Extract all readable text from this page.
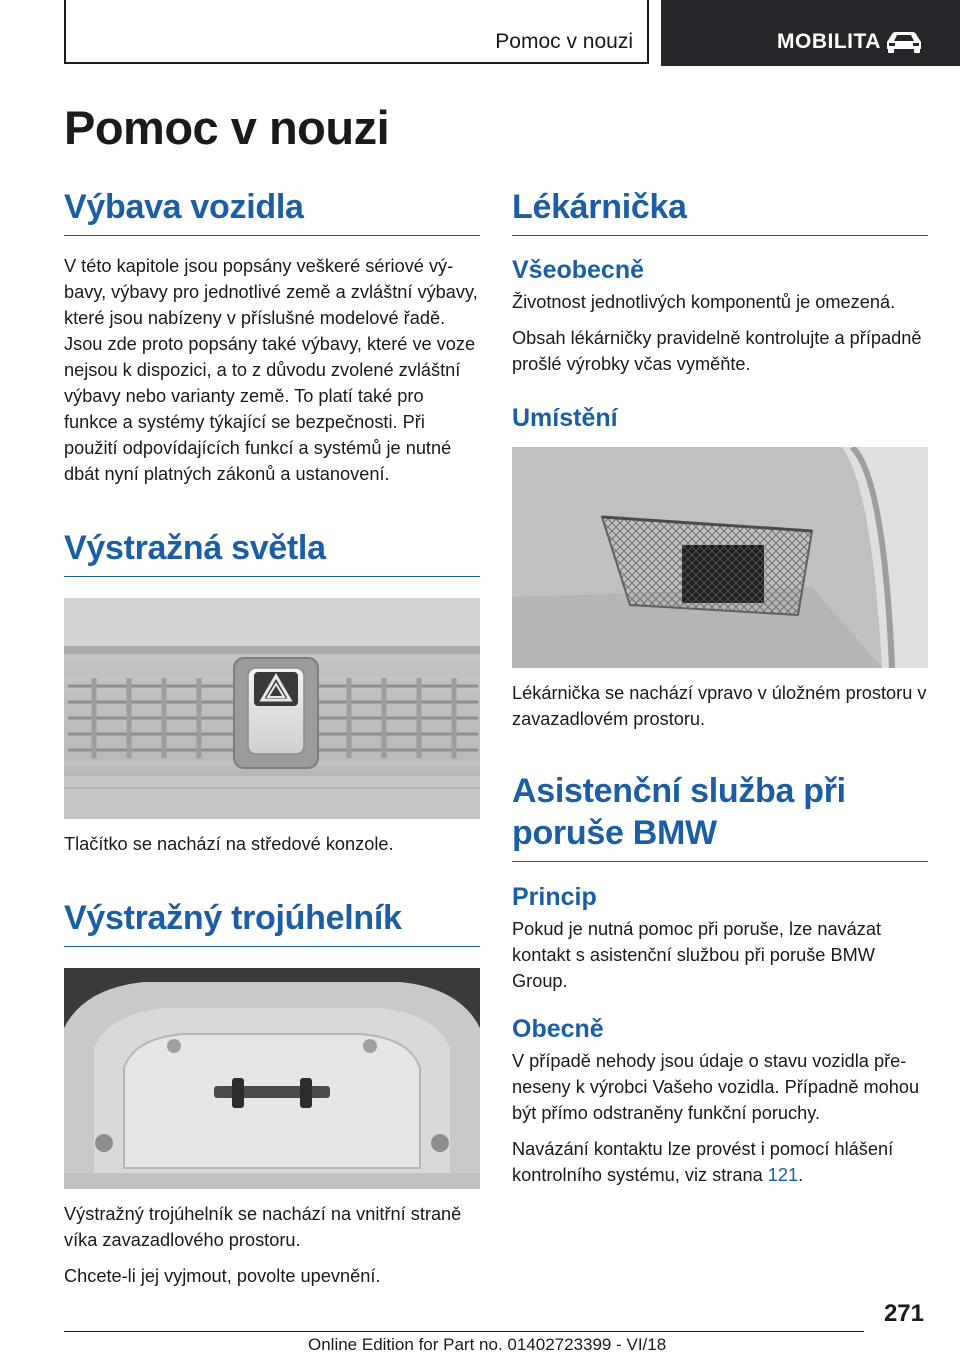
Pomoc v nouzi	MOBILITA
Pomoc v nouzi
Výbava vozidla

V této kapitole jsou popsány veškeré sériové výbavy, výbavy pro jednotlivé země a zvláštní výbavy, které jsou nabízeny v příslušné modelové řadě. Jsou zde proto popsány také výbavy, které ve voze nejsou k dispozici, a to z důvodu zvolené zvláštní výbavy nebo varianty země. To platí také pro funkce a systémy týkající se bezpečnosti. Při použití odpovídajících funkcí a systémů je nutné dbát nyní platných zákonů a ustanovení.

Výstražná světla

Tlačítko se nachází na středové konzole.

Výstražný trojúhelník

Výstražný trojúhelník se nachází na vnitřní straně víka zavazadlového prostoru.

Chcete-li jej vyjmout, povolte upevnění.

Lékárnička
Všeobecně

Životnost jednotlivých komponentů je omezená.

Obsah lékárničky pravidelně kontrolujte a případně prošlé výrobky včas vyměňte.

Umístění

Lékárnička se nachází vpravo v úložném prostoru v zavazadlovém prostoru.

Asistenční služba při poruše BMW
Princip

Pokud je nutná pomoc při poruše, lze navázat kontakt s asistenční službou při poruše BMW Group.

Obecně

V případě nehody jsou údaje o stavu vozidla přeneseny k výrobci Vašeho vozidla. Případně mohou být přímo odstraněny funkční poruchy.

Navázání kontaktu lze provést i pomocí hlášení kontrolního systému, viz strana 121.

271
Online Edition for Part no. 01402723399 - VI/18
